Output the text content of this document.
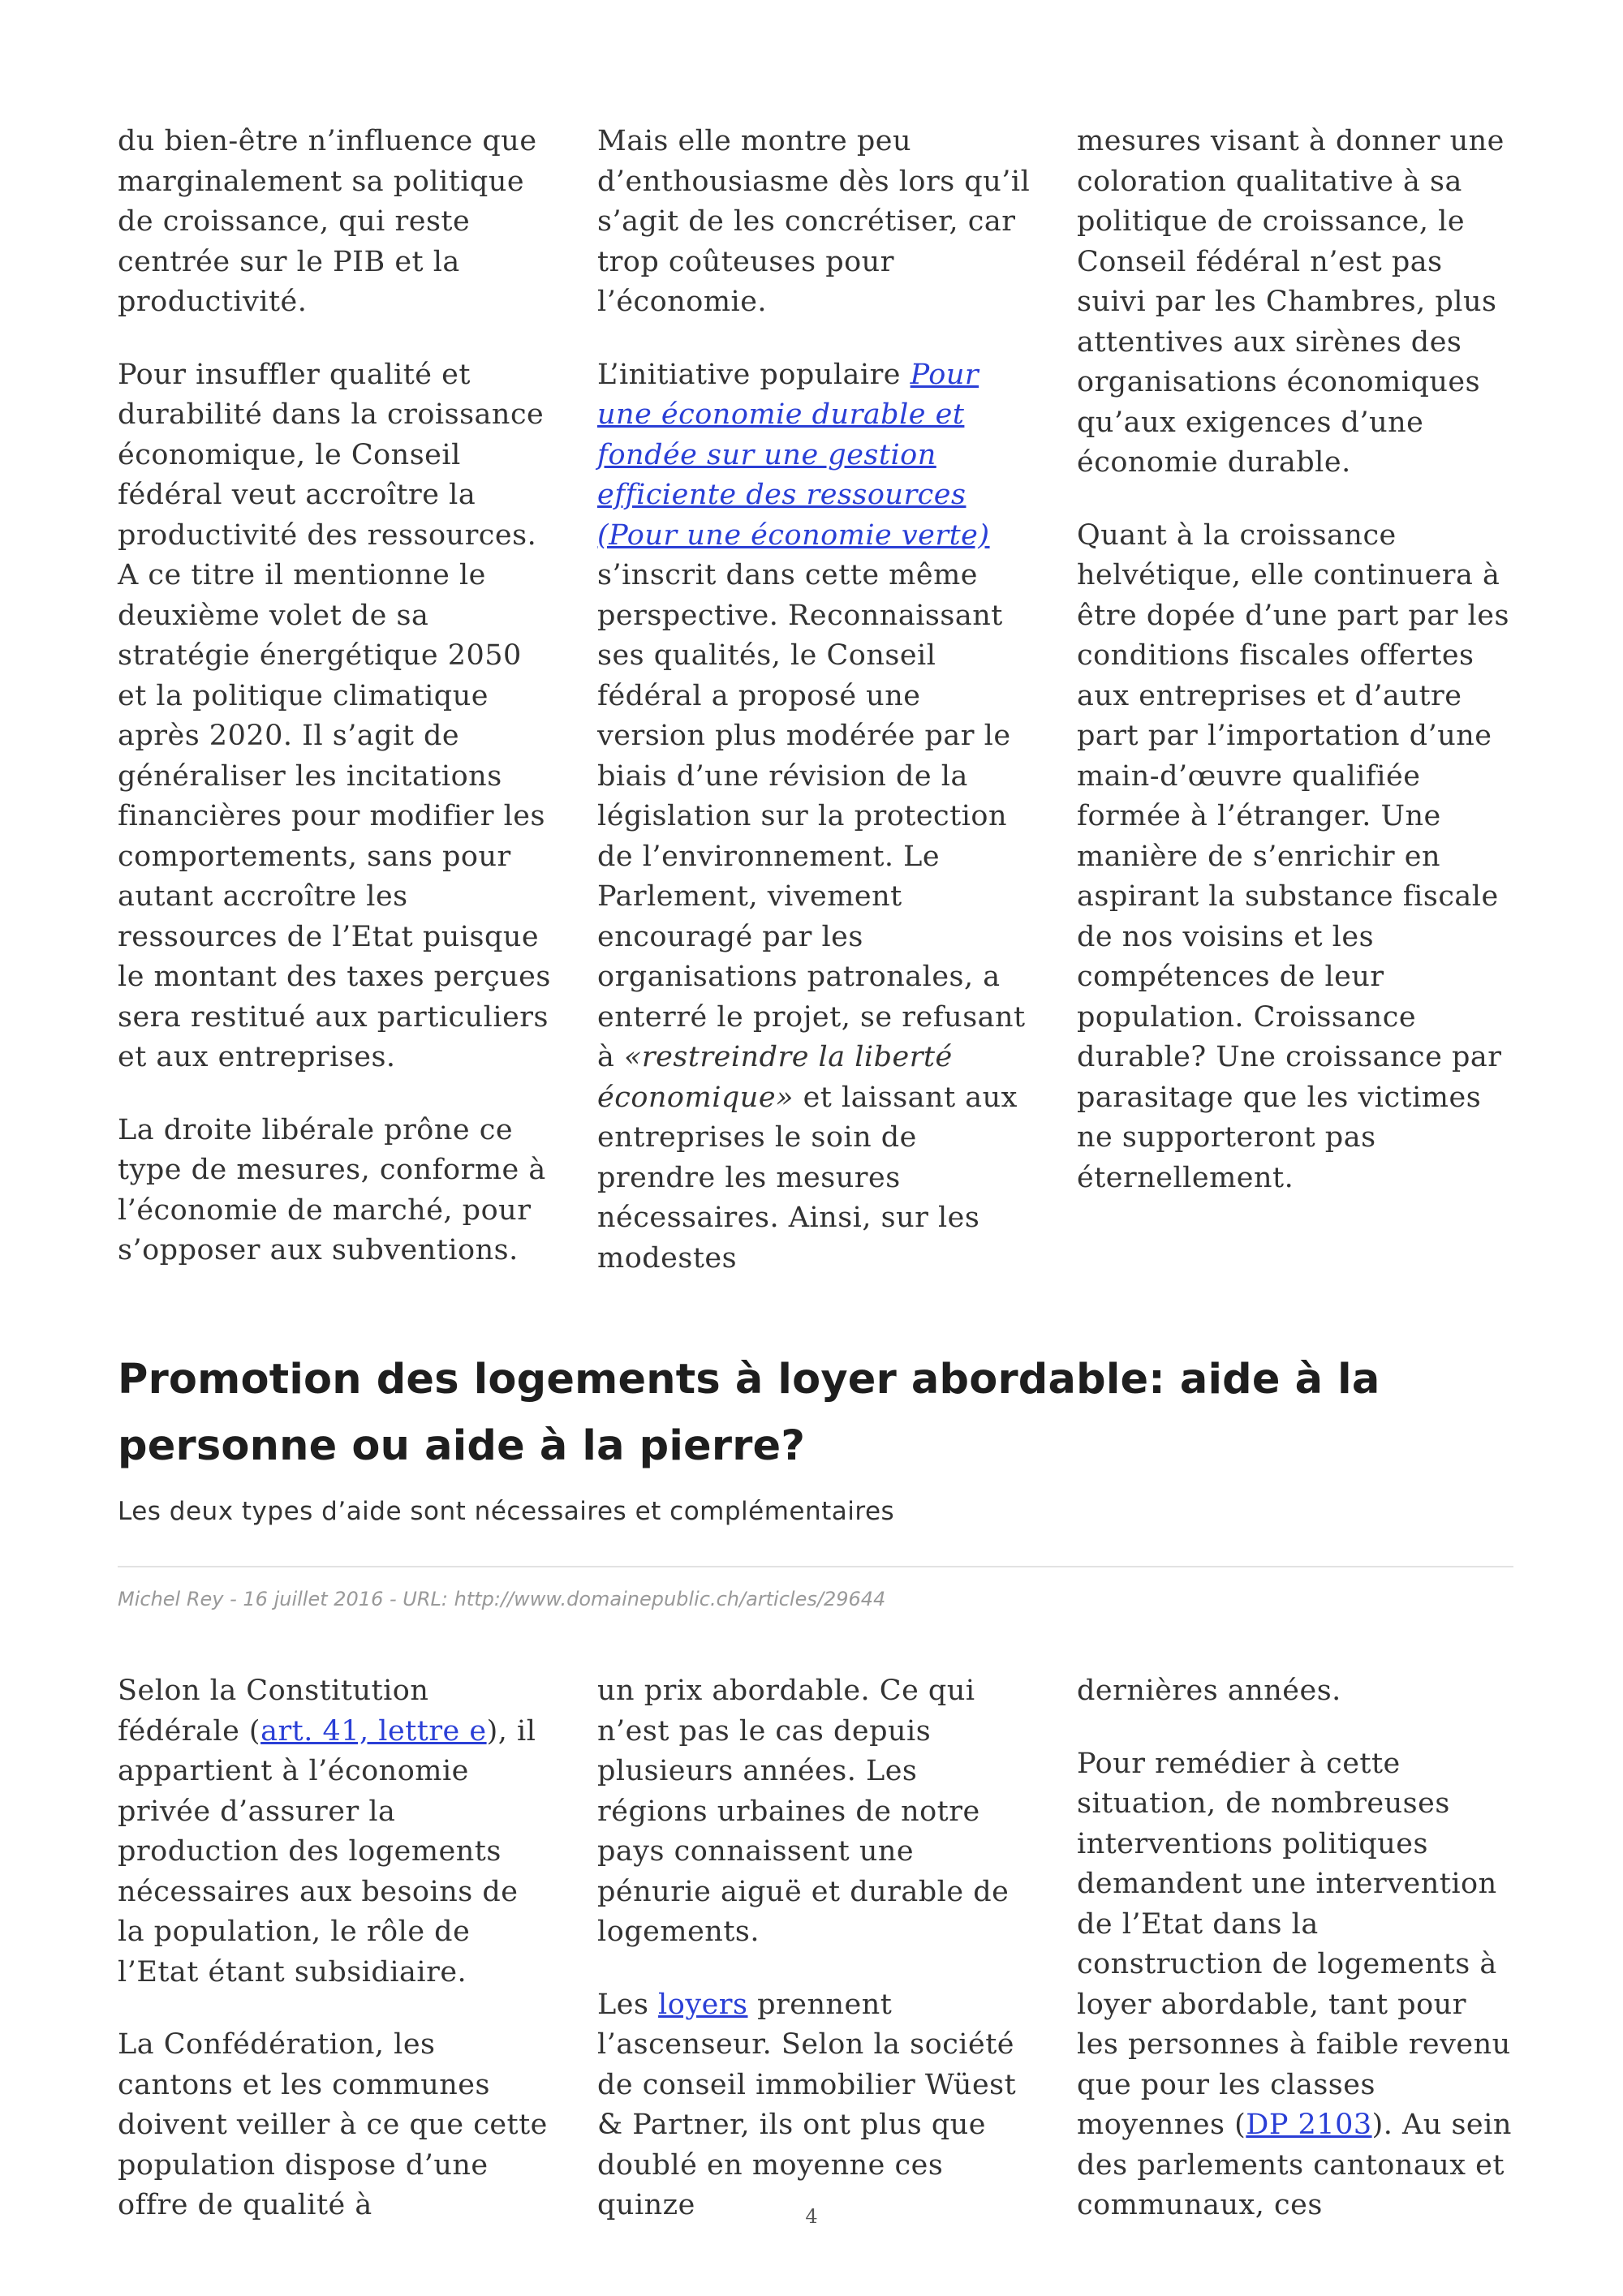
du bien-être n’influence que marginalement sa politique de croissance, qui reste centrée sur le PIB et la productivité.

Pour insuffler qualité et durabilité dans la croissance économique, le Conseil fédéral veut accroître la productivité des ressources. A ce titre il mentionne le deuxième volet de sa stratégie énergétique 2050 et la politique climatique après 2020. Il s’agit de généraliser les incitations financières pour modifier les comportements, sans pour autant accroître les ressources de l’Etat puisque le montant des taxes perçues sera restitué aux particuliers et aux entreprises.

La droite libérale prône ce type de mesures, conforme à l’économie de marché, pour s’opposer aux subventions.

Mais elle montre peu d’enthousiasme dès lors qu’il s’agit de les concrétiser, car trop coûteuses pour l’économie.

L’initiative populaire Pour une économie durable et fondée sur une gestion efficiente des ressources (Pour une économie verte) s’inscrit dans cette même perspective. Reconnaissant ses qualités, le Conseil fédéral a proposé une version plus modérée par le biais d’une révision de la législation sur la protection de l’environnement. Le Parlement, vivement encouragé par les organisations patronales, a enterré le projet, se refusant à «restreindre la liberté économique» et laissant aux entreprises le soin de prendre les mesures nécessaires. Ainsi, sur les modestes

mesures visant à donner une coloration qualitative à sa politique de croissance, le Conseil fédéral n’est pas suivi par les Chambres, plus attentives aux sirènes des organisations économiques qu’aux exigences d’une économie durable.

Quant à la croissance helvétique, elle continuera à être dopée d’une part par les conditions fiscales offertes aux entreprises et d’autre part par l’importation d’une main-d’œuvre qualifiée formée à l’étranger. Une manière de s’enrichir en aspirant la substance fiscale de nos voisins et les compétences de leur population. Croissance durable? Une croissance par parasitage que les victimes ne supporteront pas éternellement.

Promotion des logements à loyer abordable: aide à la personne ou aide à la pierre?

Les deux types d’aide sont nécessaires et complémentaires

Michel Rey - 16 juillet 2016 - URL: http://www.domainepublic.ch/articles/29644

Selon la Constitution fédérale (art. 41, lettre e), il appartient à l’économie privée d’assurer la production des logements nécessaires aux besoins de la population, le rôle de l’Etat étant subsidiaire.

La Confédération, les cantons et les communes doivent veiller à ce que cette population dispose d’une offre de qualité à

un prix abordable. Ce qui n’est pas le cas depuis plusieurs années. Les régions urbaines de notre pays connaissent une pénurie aiguë et durable de logements.

Les loyers prennent l’ascenseur. Selon la société de conseil immobilier Wüest & Partner, ils ont plus que doublé en moyenne ces quinze

dernières années.

Pour remédier à cette situation, de nombreuses interventions politiques demandent une intervention de l’Etat dans la construction de logements à loyer abordable, tant pour les personnes à faible revenu que pour les classes moyennes (DP 2103). Au sein des parlements cantonaux et communaux, ces

4
